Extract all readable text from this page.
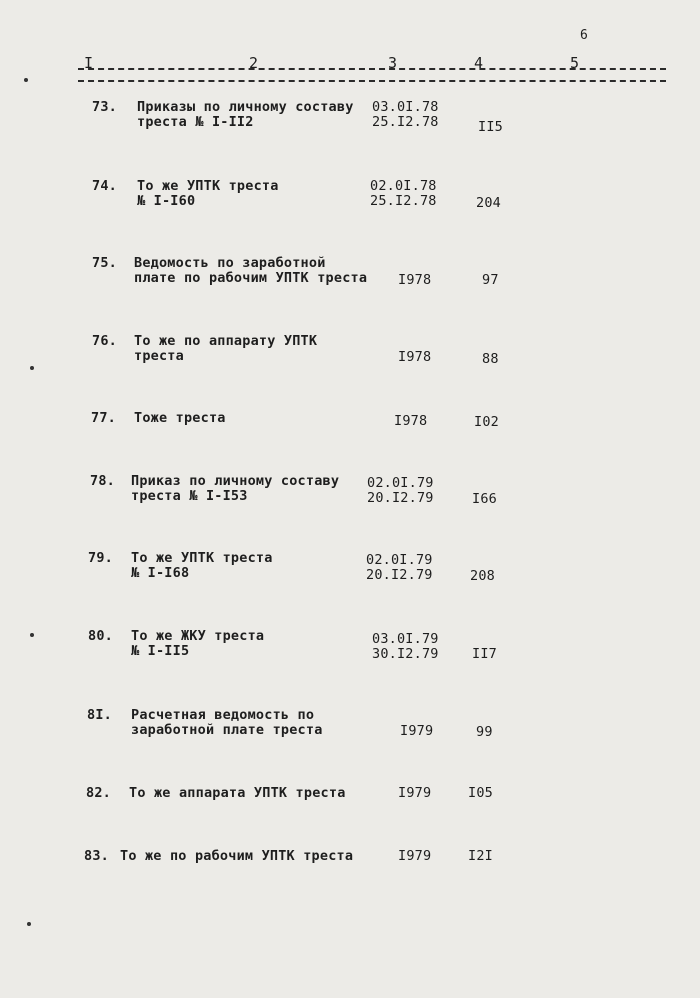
6
I	2	3	4	5
73. Приказы по личному составу
треста № I-II2
03.0I.78
25.I2.78	II5
74. То же УПТК треста
№ I-I60
02.0I.78
25.I2.78	204
75. Ведомость по заработной
плате по рабочим УПТК треста I978	97
76. То же по аппарату УПТК
треста	I978	88
77. Тоже треста	I978	I02
78. Приказ по личному составу
треста № I-I53
02.0I.79
20.I2.79	I66
79. То же УПТК треста
№ I-I68
02.0I.79
20.I2.79	208
80. То же ЖКУ треста
№ I-II5
03.0I.79
30.I2.79 II7
8I. Расчетная ведомость по
заработной плате треста	I979	99
82. То же аппарата УПТК треста	I979	I05
83. То же по рабочим УПТК треста	I979	I2I
